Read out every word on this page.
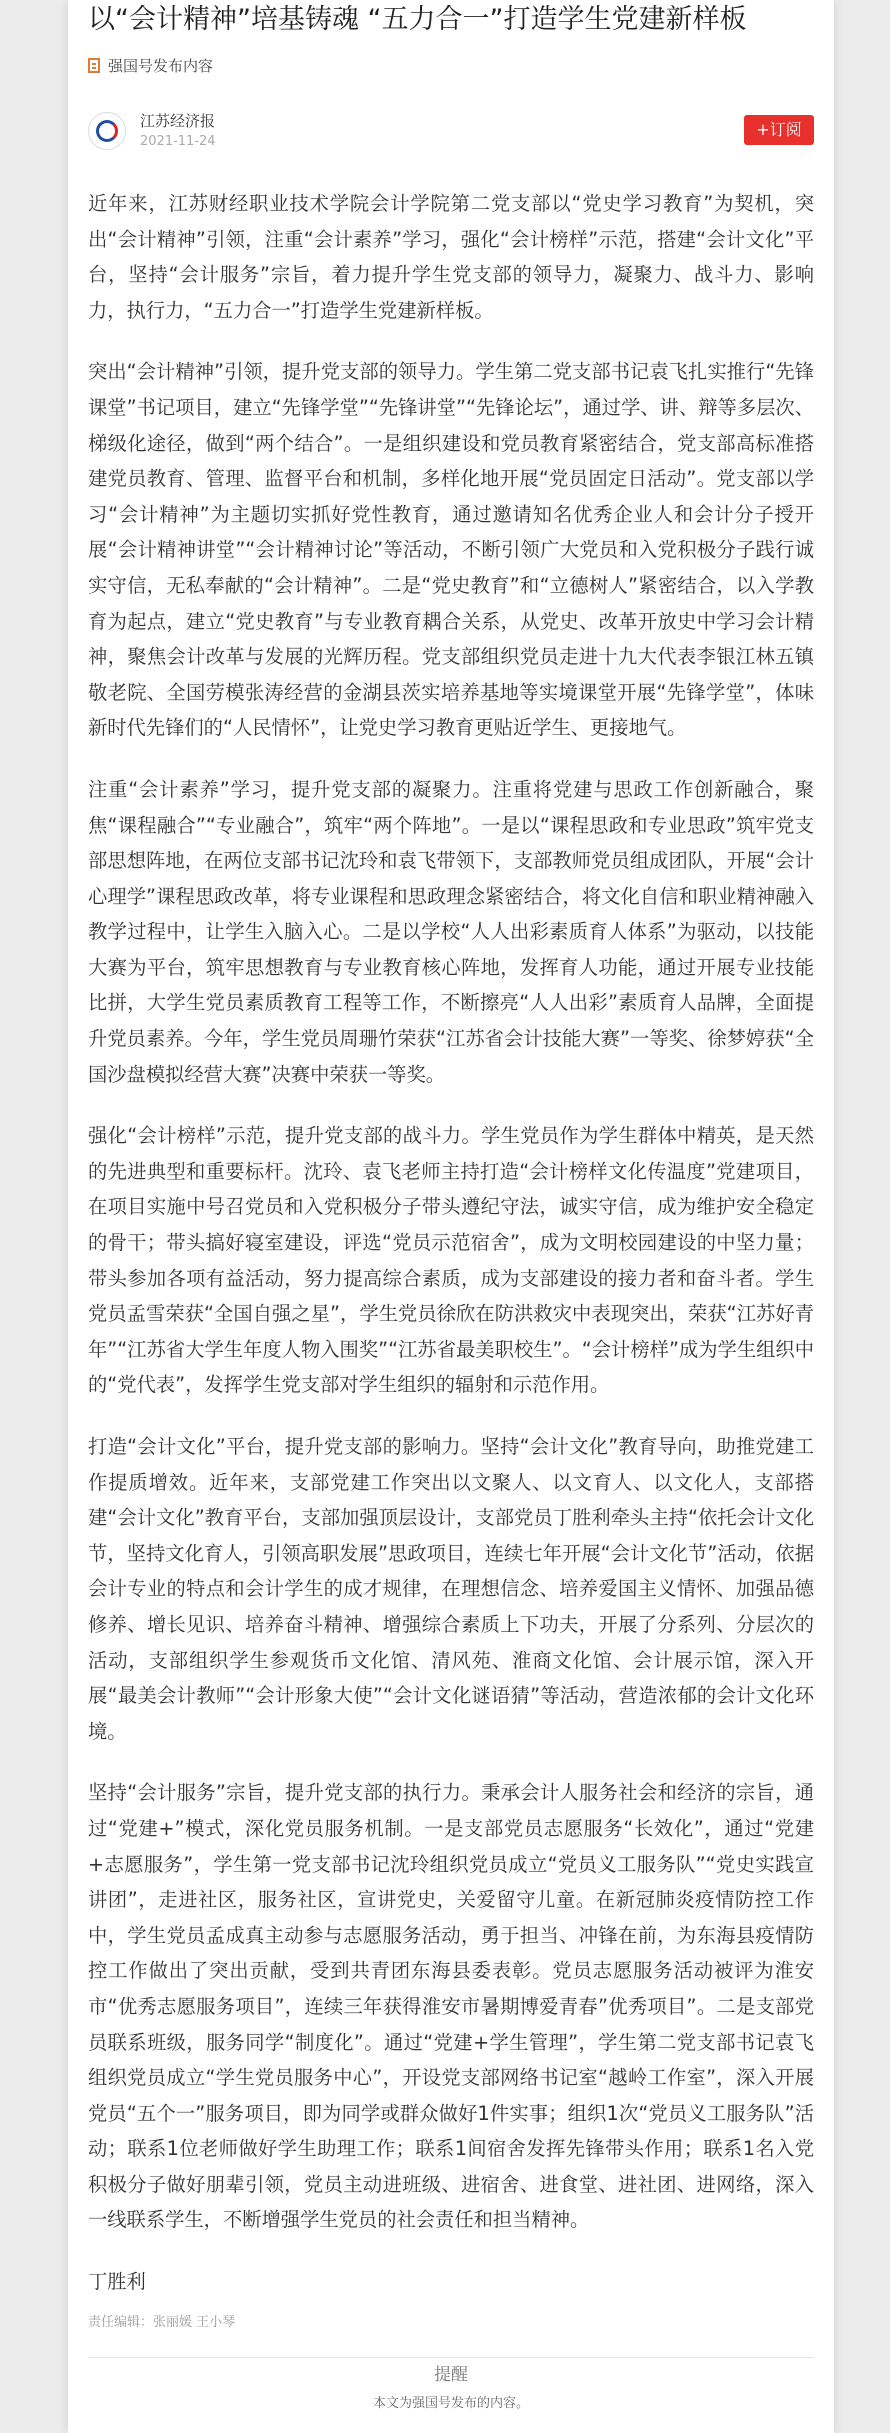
以“会计精神”培基铸魂 “五力合一”打造学生党建新样板
强国号发布内容
江苏经济报
2021-11-24
+订阅

近年来，江苏财经职业技术学院会计学院第二党支部以“党史学习教育”为契机，突出“会计精神”引领，注重“会计素养”学习，强化“会计榜样”示范，搭建“会计文化”平台，坚持“会计服务”宗旨，着力提升学生党支部的领导力，凝聚力、战斗力、影响力，执行力，“五力合一”打造学生党建新样板。

突出“会计精神”引领，提升党支部的领导力。学生第二党支部书记袁飞扎实推行“先锋课堂”书记项目，建立“先锋学堂”“先锋讲堂”“先锋论坛”，通过学、讲、辩等多层次、梯级化途径，做到“两个结合”。一是组织建设和党员教育紧密结合，党支部高标准搭建党员教育、管理、监督平台和机制，多样化地开展“党员固定日活动”。党支部以学习“会计精神”为主题切实抓好党性教育，通过邀请知名优秀企业人和会计分子授开展“会计精神讲堂”“会计精神讨论”等活动，不断引领广大党员和入党积极分子践行诚实守信，无私奉献的“会计精神”。二是“党史教育”和“立德树人”紧密结合，以入学教育为起点，建立“党史教育”与专业教育耦合关系，从党史、改革开放史中学习会计精神，聚焦会计改革与发展的光辉历程。党支部组织党员走进十九大代表李银江林五镇敬老院、全国劳模张涛经营的金湖县茨实培养基地等实境课堂开展“先锋学堂”，体味新时代先锋们的“人民情怀”，让党史学习教育更贴近学生、更接地气。

注重“会计素养”学习，提升党支部的凝聚力。注重将党建与思政工作创新融合，聚焦“课程融合”“专业融合”，筑牢“两个阵地”。一是以“课程思政和专业思政”筑牢党支部思想阵地，在两位支部书记沈玲和袁飞带领下，支部教师党员组成团队，开展“会计心理学”课程思政改革，将专业课程和思政理念紧密结合，将文化自信和职业精神融入教学过程中，让学生入脑入心。二是以学校“人人出彩素质育人体系”为驱动，以技能大赛为平台，筑牢思想教育与专业教育核心阵地，发挥育人功能，通过开展专业技能比拼，大学生党员素质教育工程等工作，不断擦亮“人人出彩”素质育人品牌，全面提升党员素养。今年，学生党员周珊竹荣获“江苏省会计技能大赛”一等奖、徐梦婷获“全国沙盘模拟经营大赛”决赛中荣获一等奖。

强化“会计榜样”示范，提升党支部的战斗力。学生党员作为学生群体中精英，是天然的先进典型和重要标杆。沈玲、袁飞老师主持打造“会计榜样文化传温度”党建项目，在项目实施中号召党员和入党积极分子带头遵纪守法，诚实守信，成为维护安全稳定的骨干；带头搞好寝室建设，评选“党员示范宿舍”，成为文明校园建设的中坚力量；带头参加各项有益活动，努力提高综合素质，成为支部建设的接力者和奋斗者。学生党员孟雪荣获“全国自强之星”，学生党员徐欣在防洪救灾中表现突出，荣获“江苏好青年”“江苏省大学生年度人物入围奖”“江苏省最美职校生”。“会计榜样”成为学生组织中的“党代表”，发挥学生党支部对学生组织的辐射和示范作用。

打造“会计文化”平台，提升党支部的影响力。坚持“会计文化”教育导向，助推党建工作提质增效。近年来，支部党建工作突出以文聚人、以文育人、以文化人，支部搭建“会计文化”教育平台，支部加强顶层设计，支部党员丁胜利牵头主持“依托会计文化节，坚持文化育人，引领高职发展”思政项目，连续七年开展“会计文化节”活动，依据会计专业的特点和会计学生的成才规律，在理想信念、培养爱国主义情怀、加强品德修养、增长见识、培养奋斗精神、增强综合素质上下功夫，开展了分系列、分层次的活动，支部组织学生参观货币文化馆、清风苑、淮商文化馆、会计展示馆，深入开展“最美会计教师”“会计形象大使”“会计文化谜语猜”等活动，营造浓郁的会计文化环境。

坚持“会计服务”宗旨，提升党支部的执行力。秉承会计人服务社会和经济的宗旨，通过“党建+”模式，深化党员服务机制。一是支部党员志愿服务“长效化”，通过“党建+志愿服务”，学生第一党支部书记沈玲组织党员成立“党员义工服务队”“党史实践宣讲团”，走进社区，服务社区，宣讲党史，关爱留守儿童。在新冠肺炎疫情防控工作中，学生党员孟成真主动参与志愿服务活动，勇于担当、冲锋在前，为东海县疫情防控工作做出了突出贡献，受到共青团东海县委表彰。党员志愿服务活动被评为淮安市“优秀志愿服务项目”，连续三年获得淮安市暑期博爱青春”优秀项目”。二是支部党员联系班级，服务同学“制度化”。通过“党建+学生管理”，学生第二党支部书记袁飞组织党员成立“学生党员服务中心”，开设党支部网络书记室“越岭工作室”，深入开展党员“五个一”服务项目，即为同学或群众做好1件实事；组织1次“党员义工服务队”活动；联系1位老师做好学生助理工作；联系1间宿舍发挥先锋带头作用；联系1名入党积极分子做好朋辈引领，党员主动进班级、进宿舍、进食堂、进社团、进网络，深入一线联系学生，不断增强学生党员的社会责任和担当精神。

丁胜利

责任编辑：张丽媛 王小琴
提醒
本文为强国号发布的内容。
